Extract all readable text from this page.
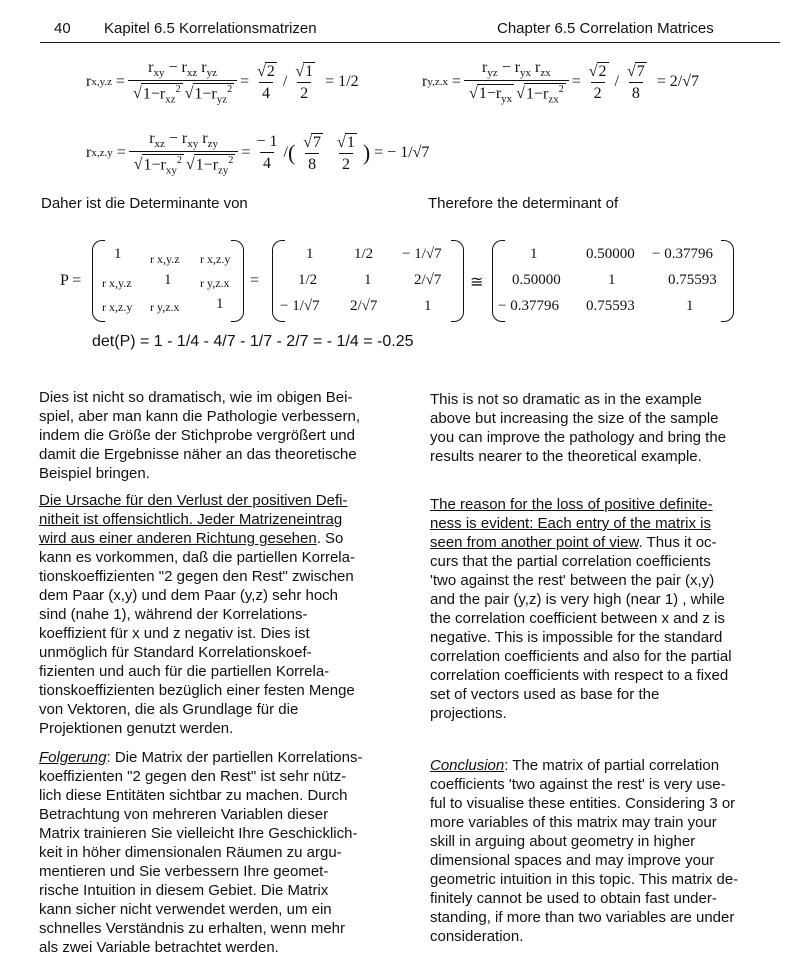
40 Kapitel 6.5 Korrelationsmatrizen	Chapter 6.5 Correlation Matrices
r $x,y.z = r_{xy} - r_{xz}$ $r_{yz}$
√ $1-r_{xz}^2√$ $1-r_{yz}^2$ =
√ $\frac{2}{4}$ /
√ $\frac{1}{2}$
= 1/2	r $y,z.x = r_{yz} - r_{yx}$ $r_{zx}$
√ $1-r_{yx}√$ $1-r_{zx}^2$ =
√ $\frac{2}{2}$ /
√ $\frac{7}{8}$
= 2/√7
r $x,z.y = r_{xz} - r_{xy}$ $r_{zy}$
√ $1-r_{xy}^2√$ $1-r_{zy}^2 = \frac{- 1}{4}$ / (
√ $\frac{7}{8}$
√ $\frac{1}{2}$ )
= − 1/√7
Daher ist die Determinante von	Therefore the determinant of
P =
1 r x,y.z r x,z.y
r x,y.z 1 r y,z.x
r x,z.y r y,z.x 1
=
1	1/2 − 1/√7
1/2	1	2/√7
− 1/√7 2/√7	1
≅
1	0.50000 − 0.37796
0.50000	1	0.75593
− 0.37796 0.75593	1
det(P) = 1 - 1/4 - 4/7 - 1/7 - 2/7 = - 1/4 = -0.25
Dies ist nicht so dramatisch, wie im obigen Bei-
spiel, aber man kann die Pathologie verbessern,
indem die Größe der Stichprobe vergrößert und
damit die Ergebnisse näher an das theoretische
Beispiel bringen.
This is not so dramatic as in the example
above but increasing the size of the sample
you can improve the pathology and bring the
results nearer to the theoretical example.
Die Ursache für den Verlust der positiven Defi-
nitheit ist offensichtlich. Jeder Matrizeneintrag
wird aus einer anderen Richtung gesehen. So
kann es vorkommen, daß die partiellen Korrela-
tionskoeffizienten "2 gegen den Rest" zwischen
dem Paar (x,y) und dem Paar (y,z) sehr hoch
sind (nahe 1), während der Korrelations-
koeffizient für x und z negativ ist. Dies ist
unmöglich für Standard Korrelationskoef-
fizienten und auch für die partiellen Korrela-
tionskoeffizienten bezüglich einer festen Menge
von Vektoren, die als Grundlage für die
Projektionen genutzt werden.
The reason for the loss of positive definite-
ness is evident: Each entry of the matrix is
seen from another point of view. Thus it oc-
curs that the partial correlation coefficients
'two against the rest' between the pair (x,y)
and the pair (y,z) is very high (near 1) , while
the correlation coefficient between x and z is
negative. This is impossible for the standard
correlation coefficients and also for the partial
correlation coefficients with respect to a fixed
set of vectors used as base for the
projections.
Folgerung: Die Matrix der partiellen Korrelations-
koeffizienten "2 gegen den Rest" ist sehr nütz-
lich diese Entitäten sichtbar zu machen. Durch
Betrachtung von mehreren Variablen dieser
Matrix trainieren Sie vielleicht Ihre Geschicklich-
keit in höher dimensionalen Räumen zu argu-
mentieren und Sie verbessern Ihre geomet-
rische Intuition in diesem Gebiet. Die Matrix
kann sicher nicht verwendet werden, um ein
schnelles Verständnis zu erhalten, wenn mehr
als zwei Variable betrachtet werden.
Conclusion: The matrix of partial correlation
coefficients 'two against the rest' is very use-
ful to visualise these entities. Considering 3 or
more variables of this matrix may train your
skill in arguing about geometry in higher
dimensional spaces and may improve your
geometric intuition in this topic. This matrix de-
finitely cannot be used to obtain fast under-
standing, if more than two variables are under
consideration.
